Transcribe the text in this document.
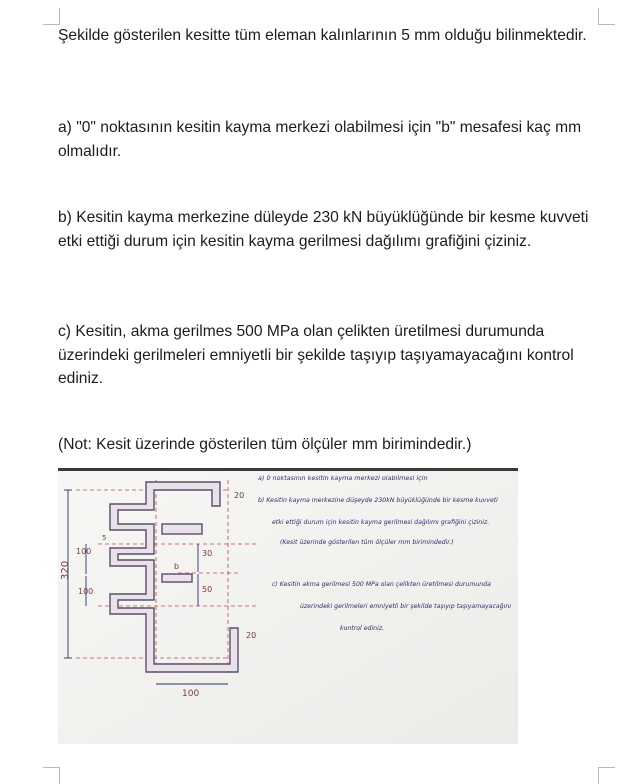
Şekilde gösterilen kesitte tüm eleman kalınlarının 5 mm olduğu bilinmektedir.

a) "0" noktasının kesitin kayma merkezi olabilmesi için "b" mesafesi kaç mm olmalıdır.

b) Kesitin kayma merkezine düleyde 230 kN büyüklüğünde bir kesme kuvveti etki ettiği durum için kesitin kayma gerilmesi dağılımı grafiğini çiziniz.

c) Kesitin, akma gerilmes 500 MPa olan çelikten üretilmesi durumunda üzerindeki gerilmeleri emniyetli bir şekilde taşıyıp taşıyamayacağını kontrol ediniz.

(Not: Kesit üzerinde gösterilen tüm ölçüler mm birimindedir.)

320
100
100
20
30
50
20
100
b
5
a) 0 noktasının kesitin kayma merkezi olabilmesi için
b) Kesitin kayma merkezine düşeyde 230kN büyüklüğünde bir kesme kuvveti
etki ettiği durum için kesitin kayma gerilmesi dağılımı grafiğini çiziniz.
(Kesit üzerinde gösterilen tüm ölçüler mm birimindedir.)
c) Kesitin akma gerilmesi 500 MPa olan çelikten üretilmesi durumunda
üzerindeki gerilmeleri emniyetli bir şekilde taşıyıp taşıyamayacağını
kontrol ediniz.
